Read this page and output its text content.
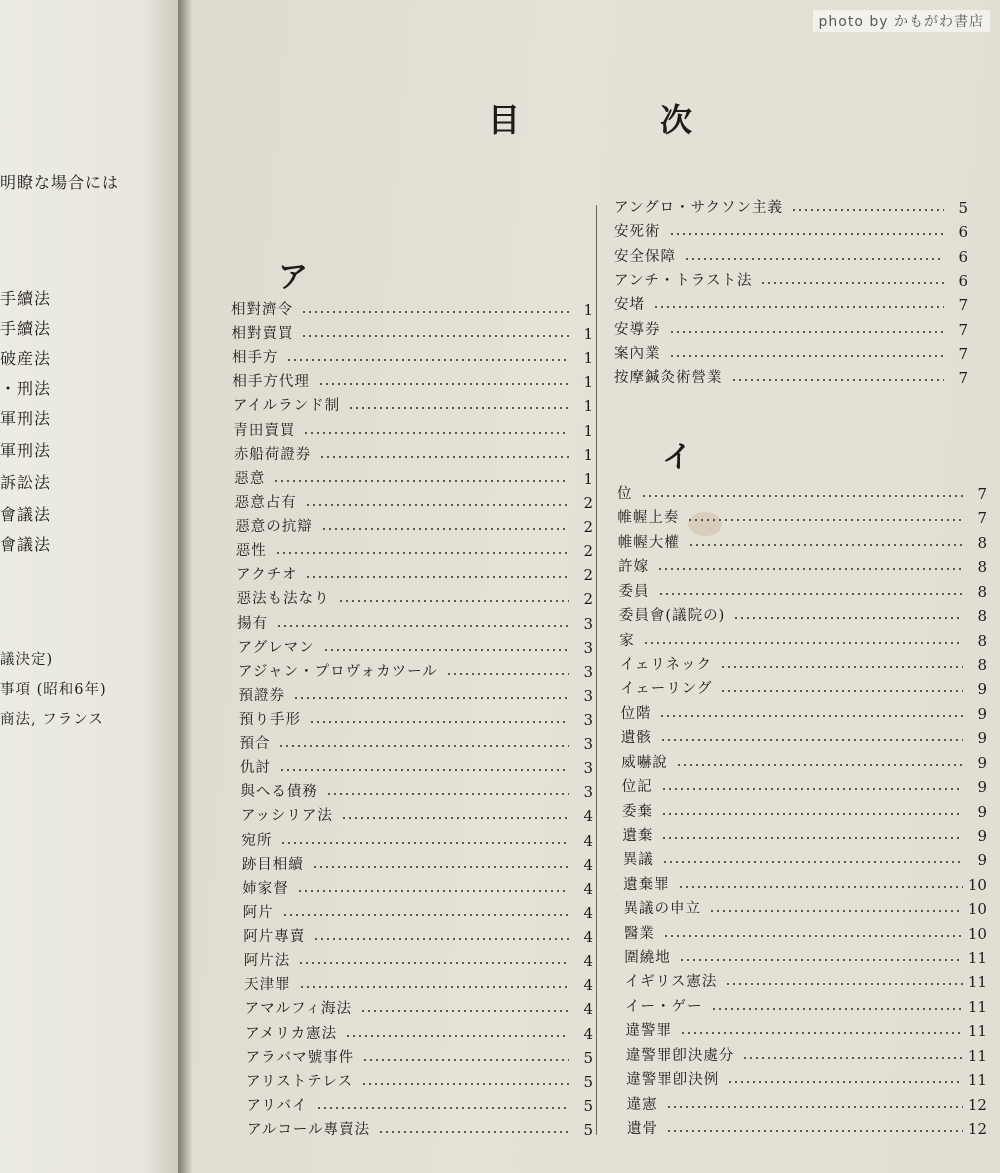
明瞭な場合には
手續法
手續法
破産法
・刑法
軍刑法
軍刑法
訴訟法
會議法
會議法
議決定)
事項 (昭和6年)
商法, フランス
photo by かもがわ書店
目	次
ア
相對濟令	1
相對賣買	1
相手方	1
相手方代理	1
アイルランド制	1
青田賣買	1
赤船荷證券	1
惡意	1
惡意占有	2
惡意の抗辯	2
惡性	2
アクチオ	2
惡法も法なり	2
揚有	3
アグレマン	3
アジャン・プロヴォカツール	3
預證券	3
預り手形	3
預合	3
仇討	3
與へる債務	3
アッシリア法	4
宛所	4
跡目相續	4
姉家督	4
阿片	4
阿片專賣	4
阿片法	4
天津罪	4
アマルフィ海法	4
アメリカ憲法	4
アラバマ號事件	5
アリストテレス	5
アリバイ	5
アルコール專賣法	5
アングロ・サクソン主義	5
安死術	6
安全保障	6
アンチ・トラスト法	6
安堵	7
安導券	7
案內業	7
按摩鍼灸術營業	7
イ
位	7
帷幄上奏	7
帷幄大權	8
許嫁	8
委員	8
委員會(議院の)	8
家	8
イェリネック	8
イェーリング	9
位階	9
遺骸	9
威嚇說	9
位記	9
委棄	9
遺棄	9
異議	9
遺棄罪	10
異議の申立	10
醫業	10
圍繞地	11
イギリス憲法	11
イー・ゲー	11
違警罪	11
違警罪卽決處分	11
違警罪卽決例	11
違憲	12
遺骨	12
